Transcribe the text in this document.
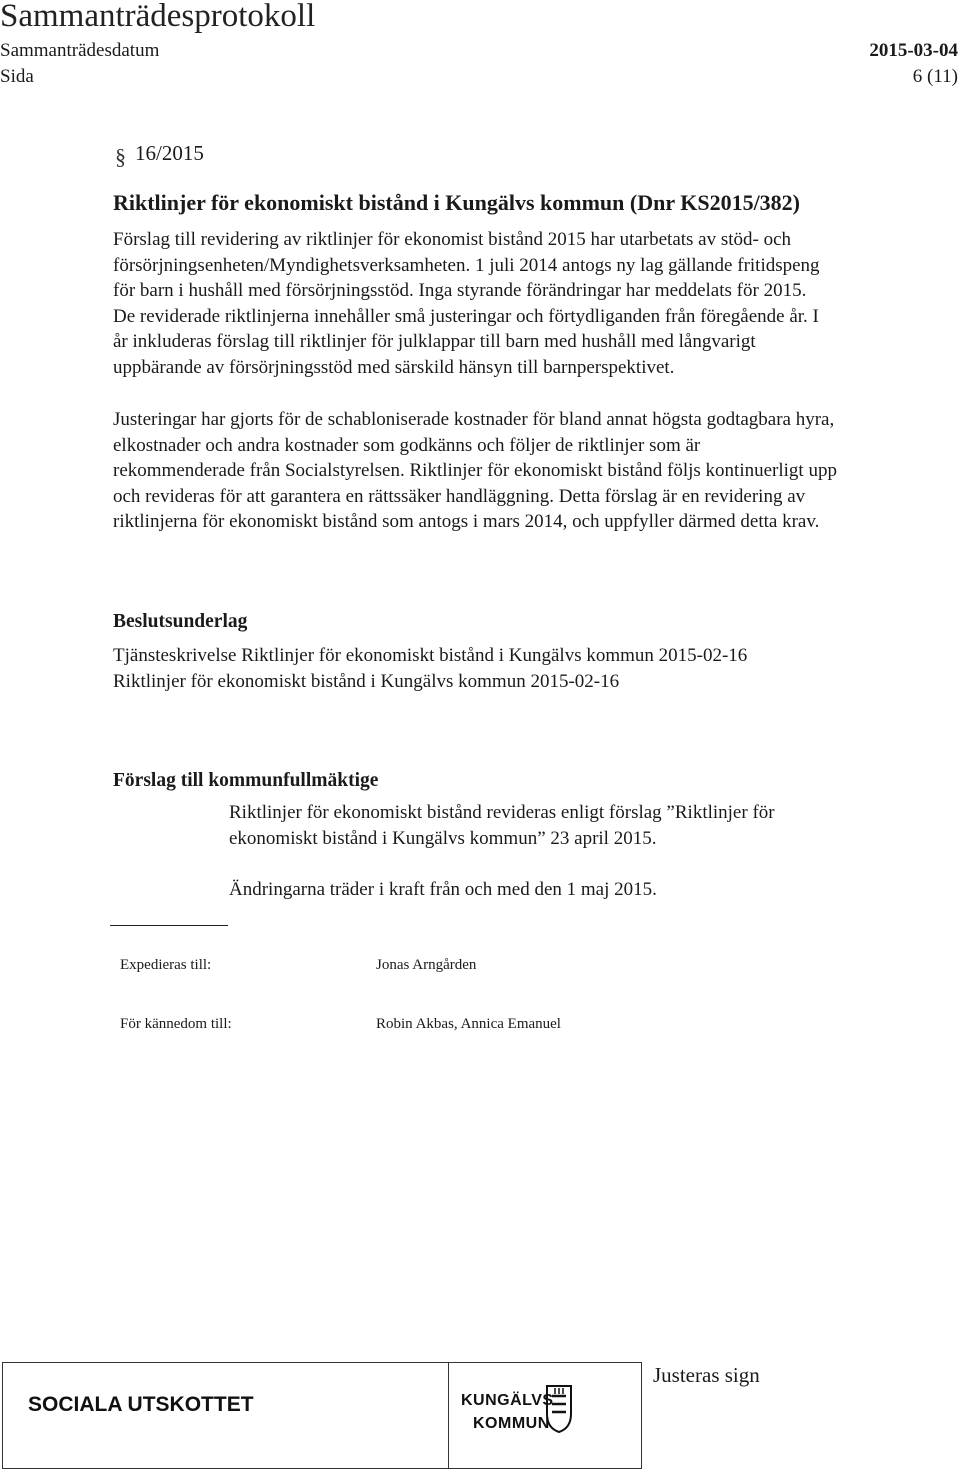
Sammanträdesprotokoll
Sammanträdesdatum	2015-03-04
Sida	6 (11)
§ 16/2015
Riktlinjer för ekonomiskt bistånd i Kungälvs kommun (Dnr KS2015/382)
Förslag till revidering av riktlinjer för ekonomist bistånd 2015 har utarbetats av stöd- och
försörjningsenheten/Myndighetsverksamheten. 1 juli 2014 antogs ny lag gällande fritidspeng
för barn i hushåll med försörjningsstöd. Inga styrande förändringar har meddelats för 2015.
De reviderade riktlinjerna innehåller små justeringar och förtydliganden från föregående år. I
år inkluderas förslag till riktlinjer för julklappar till barn med hushåll med långvarigt
uppbärande av försörjningsstöd med särskild hänsyn till barnperspektivet.
Justeringar har gjorts för de schabloniserade kostnader för bland annat högsta godtagbara hyra,
elkostnader och andra kostnader som godkänns och följer de riktlinjer som är
rekommenderade från Socialstyrelsen. Riktlinjer för ekonomiskt bistånd följs kontinuerligt upp
och revideras för att garantera en rättssäker handläggning. Detta förslag är en revidering av
riktlinjerna för ekonomiskt bistånd som antogs i mars 2014, och uppfyller därmed detta krav.
Beslutsunderlag
Tjänsteskrivelse Riktlinjer för ekonomiskt bistånd i Kungälvs kommun 2015-02-16
Riktlinjer för ekonomiskt bistånd i Kungälvs kommun 2015-02-16
Förslag till kommunfullmäktige
Riktlinjer för ekonomiskt bistånd revideras enligt förslag ”Riktlinjer för
ekonomiskt bistånd i Kungälvs kommun” 23 april 2015.
Ändringarna träder i kraft från och med den 1 maj 2015.
Expedieras till:	Jonas Arngården
För kännedom till:	Robin Akbas, Annica Emanuel
SOCIALA UTSKOTTET	KUNGÄLVS
KOMMUN
Justeras sign
